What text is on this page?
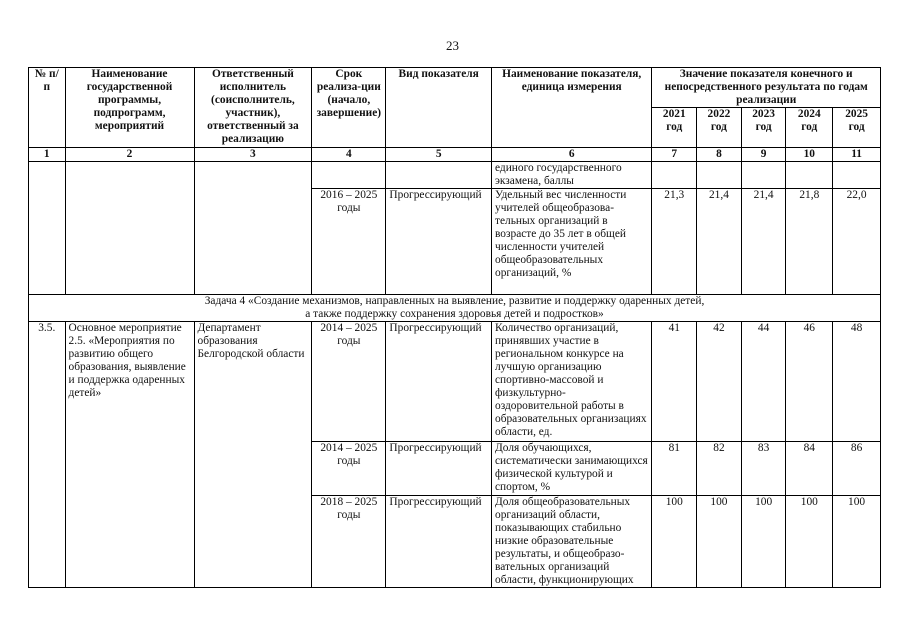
23
№ п/п	Наименование государственной программы, подпрограмм, мероприятий	Ответственный исполнитель (соисполнитель, участник), ответственный за реализацию	Срок реализа-ции (начало, завершение)	Вид показателя	Наименование показателя, единица измерения	Значение показателя конечного и непосредственного результата по годам реализации				
						2021 год	2022 год	2023 год	2024 год	2025 год
1	2	3	4	5	6	7	8	9	10	11
					единого государственного экзамена, баллы					
			2016 – 2025 годы	Прогрессирующий	Удельный вес численности учителей общеобразова-тельных организаций в возрасте до 35 лет в общей численности учителей общеобразовательных организаций, %	21,3	21,4	21,4	21,8	22,0

Задача 4 «Создание механизмов, направленных на выявление, развитие и поддержку одаренных детей,
а также поддержку сохранения здоровья детей и подростков»										

3.5.	Основное мероприятие 2.5. «Мероприятия по развитию общего образования, выявление и поддержка одаренных детей»	Департамент образования Белгородской области	2014 – 2025 годы	Прогрессирующий	Количество организаций, принявших участие в региональном конкурсе на лучшую организацию спортивно-массовой и физкультурно-оздоровительной работы в образовательных организациях области, ед.	41	42	44	46	48
			2014 – 2025 годы	Прогрессирующий	Доля обучающихся, систематически занимающихся физической культурой и спортом, %	81	82	83	84	86
			2018 – 2025 годы	Прогрессирующий	Доля общеобразовательных организаций области, показывающих стабильно низкие образовательные результаты, и общеобразо-вательных организаций области, функционирующих	100	100	100	100	100
